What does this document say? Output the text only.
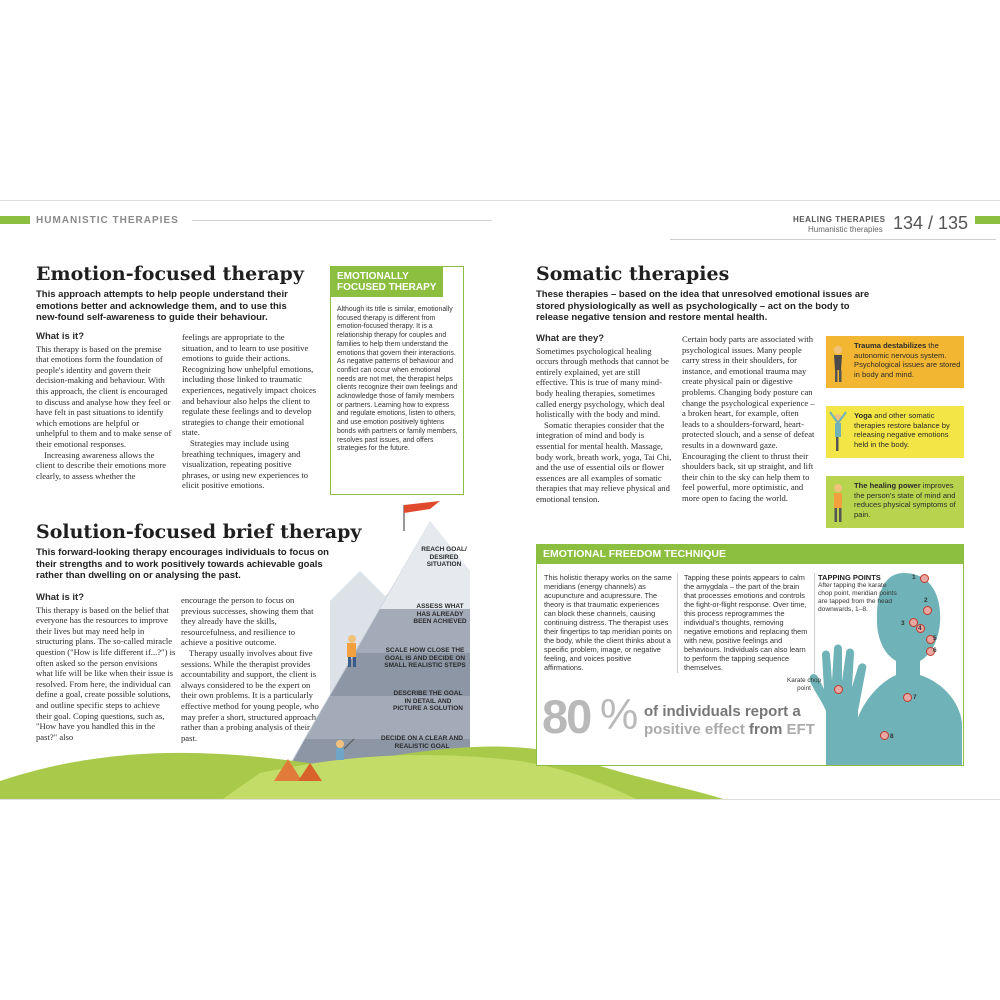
HUMANISTIC THERAPIES	HEALING THERAPIES
Humanistic therapies 134 / 135
Emotion-focused therapy
This approach attempts to help people understand their emotions better and acknowledge them, and to use this new-found self-awareness to guide their behaviour.
What is it?

This therapy is based on the premise that emotions form the foundation of people's identity and govern their decision-making and behaviour. With this approach, the client is encouraged to discuss and analyse how they feel or have felt in past situations to identify which emotions are helpful or unhelpful to them and to make sense of their emotional responses.

Increasing awareness allows the client to describe their emotions more clearly, to assess whether the

feelings are appropriate to the situation, and to learn to use positive emotions to guide their actions. Recognizing how unhelpful emotions, including those linked to traumatic experiences, negatively impact choices and behaviour also helps the client to regulate these feelings and to develop strategies to change their emotional state.

Strategies may include using breathing techniques, imagery and visualization, repeating positive phrases, or using new experiences to elicit positive emotions.

EMOTIONALLY
FOCUSED THERAPY
Although its title is similar, emotionally focused therapy is different from emotion-focused therapy. It is a relationship therapy for couples and families to help them understand the emotions that govern their interactions. As negative patterns of behaviour and conflict can occur when emotional needs are not met, the therapist helps clients recognize their own feelings and acknowledge those of family members or partners. Learning how to express and regulate emotions, listen to others, and use emotion positively tightens bonds with partners or family members, resolves past issues, and offers strategies for the future.
Solution-focused brief therapy
This forward-looking therapy encourages individuals to focus on their strengths and to work positively towards achievable goals rather than dwelling on or analysing the past.
What is it?

This therapy is based on the belief that everyone has the resources to improve their lives but may need help in structuring plans. The so-called miracle question ("How is life different if...?") is often asked so the person envisions what life will be like when their issue is resolved. From here, the individual can define a goal, create possible solutions, and outline specific steps to achieve their goal. Coping questions, such as, "How have you handled this in the past?" also

encourage the person to focus on previous successes, showing them that they already have the skills, resourcefulness, and resilience to achieve a positive outcome.

Therapy usually involves about five sessions. While the therapist provides accountability and support, the client is always considered to be the expert on their own problems. It is a particularly effective method for young people, who may prefer a short, structured approach rather than a probing analysis of their past.

REACH GOAL/ DESIRED SITUATION
ASSESS WHAT HAS ALREADY BEEN ACHIEVED
SCALE HOW CLOSE THE GOAL IS AND DECIDE ON SMALL REALISTIC STEPS
DESCRIBE THE GOAL IN DETAIL AND PICTURE A SOLUTION
DECIDE ON A CLEAR AND REALISTIC GOAL
Somatic therapies
These therapies – based on the idea that unresolved emotional issues are stored physiologically as well as psychologically – act on the body to release negative tension and restore mental health.
What are they?

Sometimes psychological healing occurs through methods that cannot be entirely explained, yet are still effective. This is true of many mind-body healing therapies, sometimes called energy psychology, which deal holistically with the body and mind.

Somatic therapies consider that the integration of mind and body is essential for mental health. Massage, body work, breath work, yoga, Tai Chi, and the use of essential oils or flower essences are all examples of somatic therapies that may relieve physical and emotional tension.

Certain body parts are associated with psychological issues. Many people carry stress in their shoulders, for instance, and emotional trauma may create physical pain or digestive problems. Changing body posture can change the psychological experience – a broken heart, for example, often leads to a shoulders-forward, heart-protected slouch, and a sense of defeat results in a downward gaze. Encouraging the client to thrust their shoulders back, sit up straight, and lift their chin to the sky can help them to feel powerful, more optimistic, and more open to facing the world.

Trauma destabilizes the autonomic nervous system. Psychological issues are stored in body and mind.
Yoga and other somatic therapies restore balance by releasing negative emotions held in the body.
The healing power improves the person's state of mind and reduces physical symptoms of pain.
EMOTIONAL FREEDOM TECHNIQUE
This holistic therapy works on the same meridians (energy channels) as acupuncture and acupressure. The theory is that traumatic experiences can block these channels, causing continuing distress. The therapist uses their fingertips to tap meridian points on the body, while the client thinks about a specific problem, image, or negative feeling, and voices positive affirmations.
Tapping these points appears to calm the amygdala – the part of the brain that processes emotions and controls the fight-or-flight response. Over time, this process reprogrammes the individual's thoughts, removing negative emotions and replacing them with new, positive feelings and behaviours. Individuals can also learn to perform the tapping sequence themselves.
TAPPING POINTS
After tapping the karate chop point, meridian points are tapped from the head downwards, 1–8.
Karate chop point
1
2
3
4
5
6
7
8
80 % of individuals report a
positive effect from EFT
